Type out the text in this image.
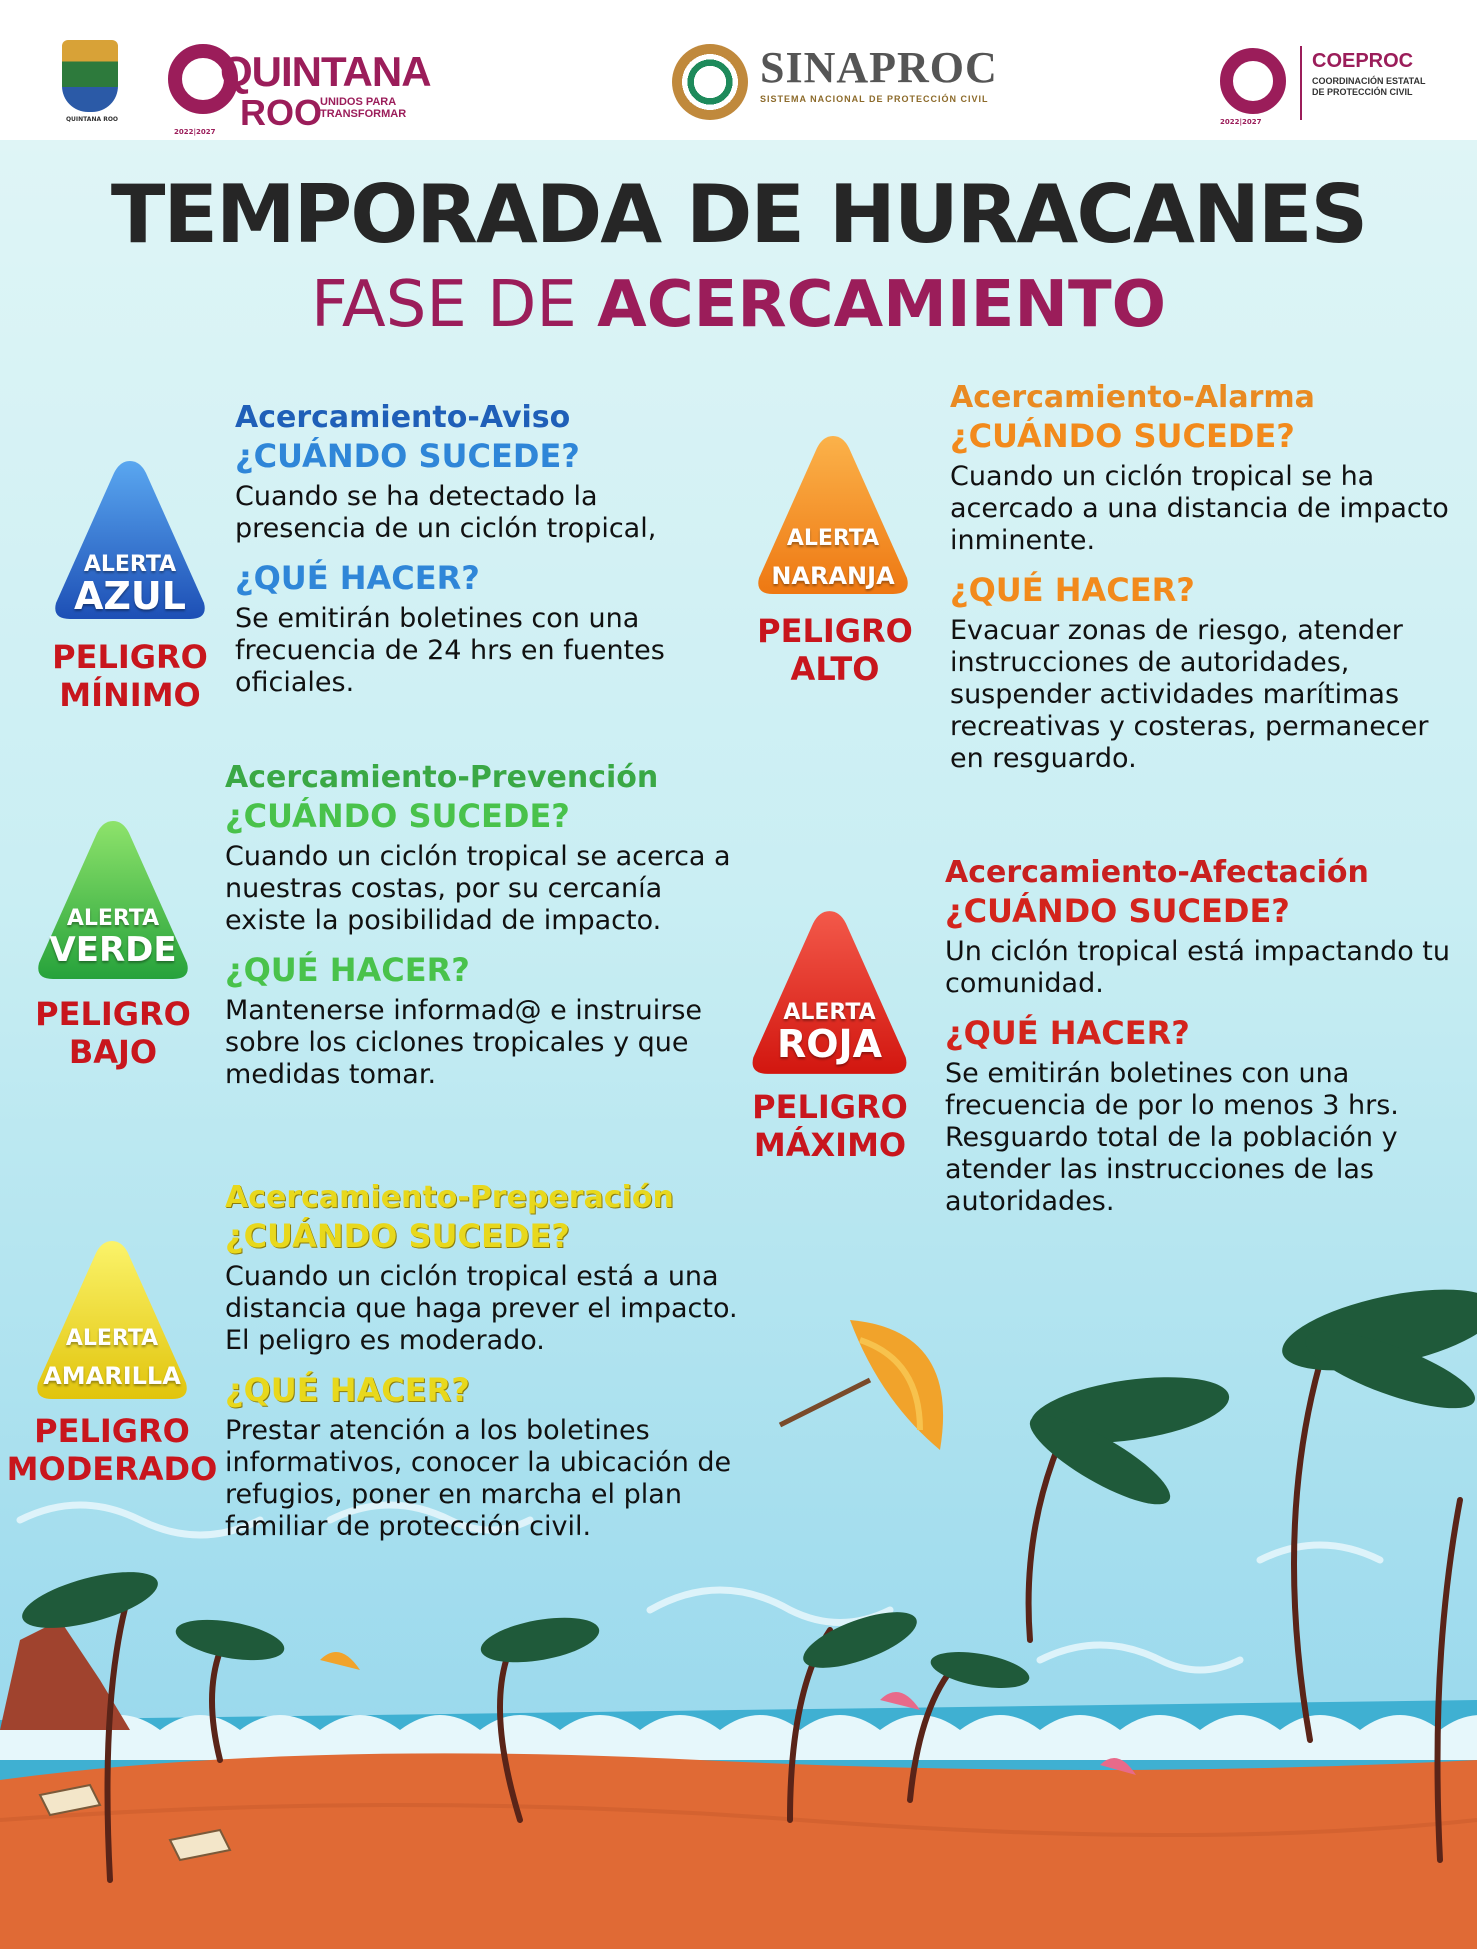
QUINTANA ROO
QUINTANA
ROO
UNIDOS PARA TRANSFORMAR
2022|2027
SINAPROC
SISTEMA NACIONAL DE PROTECCIÓN CIVIL
2022|2027
COEPROC
COORDINACIÓN ESTATAL DE PROTECCIÓN CIVIL
TEMPORADA DE HURACANES
FASE DE ACERCAMIENTO
ALERTA
AZUL
PELIGRO
MÍNIMO

Acercamiento-Aviso

¿CUÁNDO SUCEDE?

Cuando se ha detectado la presencia de un ciclón tropical,

¿QUÉ HACER?

Se emitirán boletines con una frecuencia de 24 hrs en fuentes oficiales.

ALERTA
VERDE
PELIGRO
BAJO

Acercamiento-Prevención

¿CUÁNDO SUCEDE?

Cuando un ciclón tropical se acerca a nuestras costas, por su cercanía existe la posibilidad de impacto.

¿QUÉ HACER?

Mantenerse informad@ e instruirse sobre los ciclones tropicales y que medidas tomar.

ALERTA
AMARILLA
PELIGRO
MODERADO

Acercamiento-Preperación

¿CUÁNDO SUCEDE?

Cuando un ciclón tropical está a una distancia que haga prever el impacto. El peligro es moderado.

¿QUÉ HACER?

Prestar atención a los boletines informativos, conocer la ubicación de refugios, poner en marcha el plan familiar de protección civil.

ALERTA
NARANJA
PELIGRO
ALTO

Acercamiento-Alarma

¿CUÁNDO SUCEDE?

Cuando un ciclón tropical se ha acercado a una distancia de impacto inminente.

¿QUÉ HACER?

Evacuar zonas de riesgo, atender instrucciones de autoridades, suspender actividades marítimas recreativas y costeras, permanecer en resguardo.

ALERTA
ROJA
PELIGRO
MÁXIMO

Acercamiento-Afectación

¿CUÁNDO SUCEDE?

Un ciclón tropical está impactando tu comunidad.

¿QUÉ HACER?

Se emitirán boletines con una frecuencia de por lo menos 3 hrs. Resguardo total de la población y atender las instrucciones de las autoridades.
